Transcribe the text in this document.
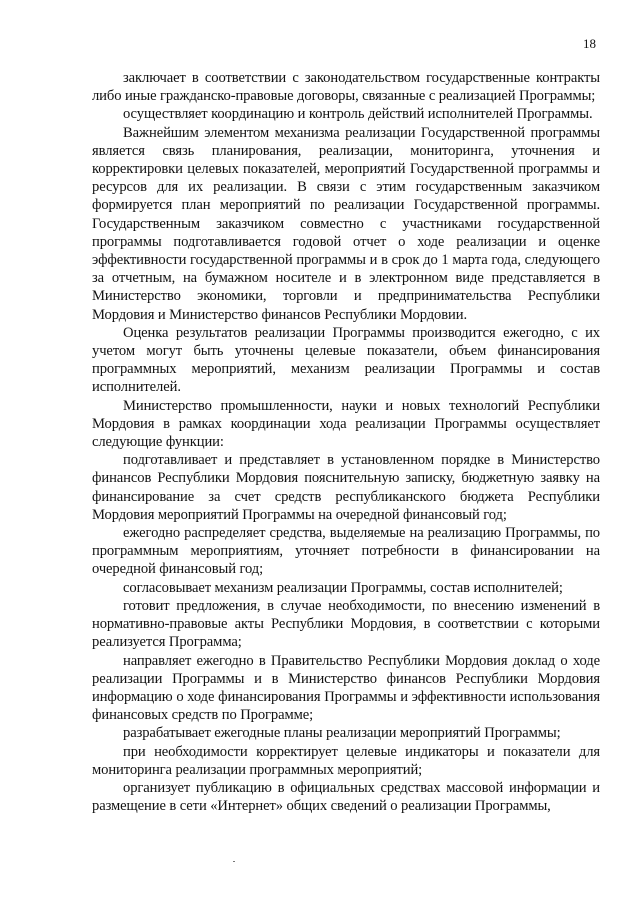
18

заключает в соответствии с законодательством государственные контракты либо иные гражданско-правовые договоры, связанные с реализацией Программы;

осуществляет координацию и контроль действий исполнителей Программы.

Важнейшим элементом механизма реализации Государственной программы является связь планирования, реализации, мониторинга, уточнения и корректировки целевых показателей, мероприятий Государственной программы и ресурсов для их реализации. В связи с этим государственным заказчиком формируется план мероприятий по реализации Государственной программы. Государственным заказчиком совместно с участниками государственной программы подготавливается годовой отчет о ходе реализации и оценке эффективности государственной программы и в срок до 1 марта года, следующего за отчетным, на бумажном носителе и в электронном виде представляется в Министерство экономики, торговли и предпринимательства Республики Мордовия и Министерство финансов Республики Мордовии.

Оценка результатов реализации Программы производится ежегодно, с их учетом могут быть уточнены целевые показатели, объем финансирования программных мероприятий, механизм реализации Программы и состав исполнителей.

Министерство промышленности, науки и новых технологий Республики Мордовия в рамках координации хода реализации Программы осуществляет следующие функции:

подготавливает и представляет в установленном порядке в Министерство финансов Республики Мордовия пояснительную записку, бюджетную заявку на финансирование за счет средств республиканского бюджета Республики Мордовия мероприятий Программы на очередной финансовый год;

ежегодно распределяет средства, выделяемые на реализацию Программы, по программным мероприятиям, уточняет потребности в финансировании на очередной финансовый год;

согласовывает механизм реализации Программы, состав исполнителей;

готовит предложения, в случае необходимости, по внесению изменений в нормативно-правовые акты Республики Мордовия, в соответствии с которыми реализуется Программа;

направляет ежегодно в Правительство Республики Мордовия доклад о ходе реализации Программы и в Министерство финансов Республики Мордовия информацию о ходе финансирования Программы и эффективности использования финансовых средств по Программе;

разрабатывает ежегодные планы реализации мероприятий Программы;

при необходимости корректирует целевые индикаторы и показатели для мониторинга реализации программных мероприятий;

организует публикацию в официальных средствах массовой информации и размещение в сети «Интернет» общих сведений о реализации Программы,
